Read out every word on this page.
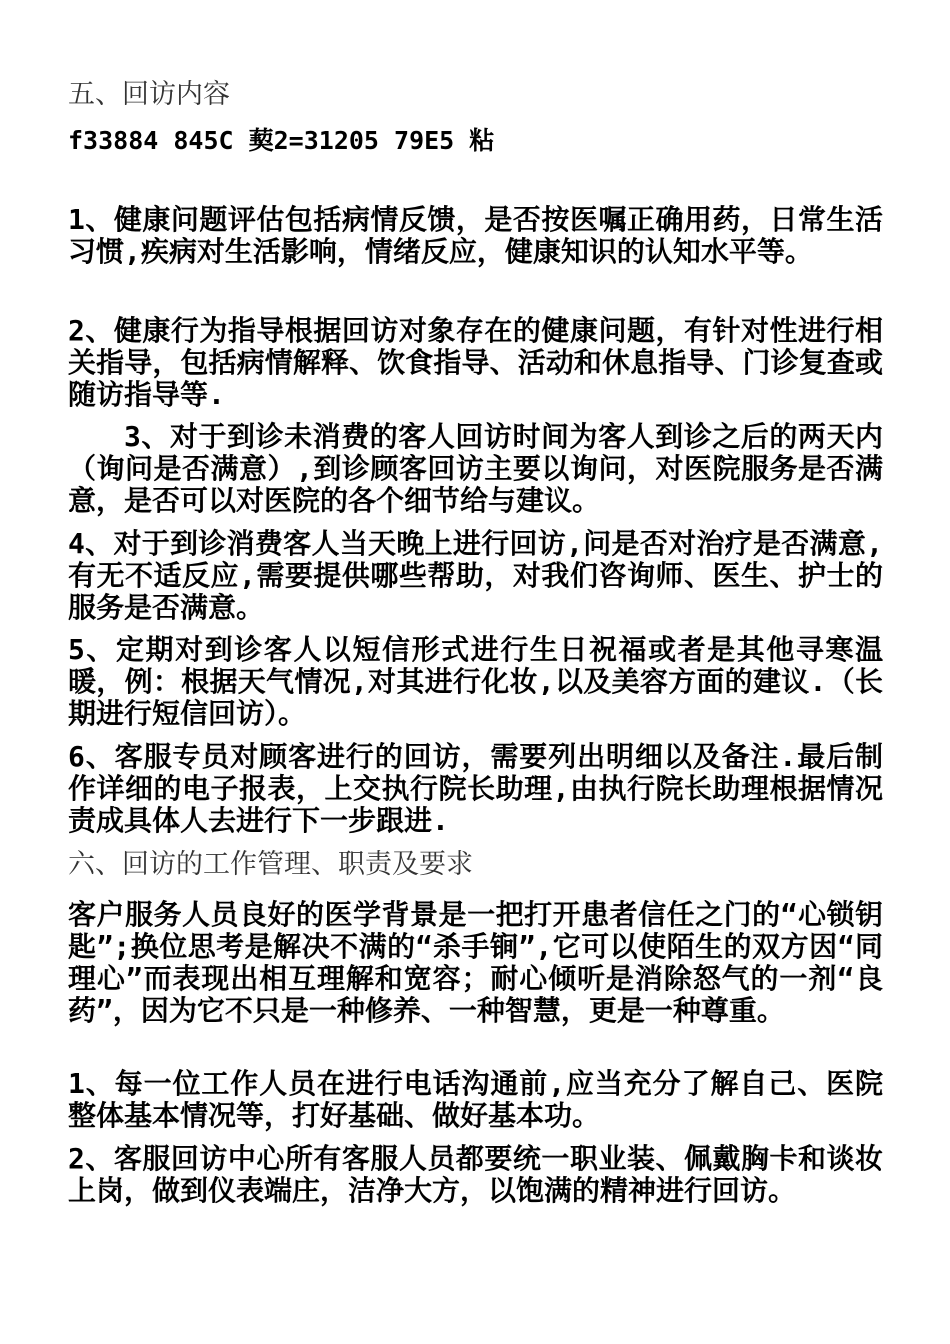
五、回访内容

f33884 845C 葜2=31205 79E5 粘

1、健康问题评估包括病情反馈，是否按医嘱正确用药，日常生活习惯,疾病对生活影响，情绪反应，健康知识的认知水平等。

2、健康行为指导根据回访对象存在的健康问题，有针对性进行相关指导，包括病情解释、饮食指导、活动和休息指导、门诊复查或随访指导等.

3、对于到诊未消费的客人回访时间为客人到诊之后的两天内（询问是否满意）,到诊顾客回访主要以询问，对医院服务是否满意，是否可以对医院的各个细节给与建议。

4、对于到诊消费客人当天晚上进行回访,问是否对治疗是否满意,有无不适反应,需要提供哪些帮助，对我们咨询师、医生、护士的服务是否满意。

5、定期对到诊客人以短信形式进行生日祝福或者是其他寻寒温暖，例：根据天气情况,对其进行化妆,以及美容方面的建议.（长期进行短信回访）。

6、客服专员对顾客进行的回访，需要列出明细以及备注.最后制作详细的电子报表，上交执行院长助理,由执行院长助理根据情况责成具体人去进行下一步跟进.

六、回访的工作管理、职责及要求

客户服务人员良好的医学背景是一把打开患者信任之门的“心锁钥匙”;换位思考是解决不满的“杀手锏”,它可以使陌生的双方因“同理心”而表现出相互理解和宽容；耐心倾听是消除怒气的一剂“良药”，因为它不只是一种修养、一种智慧，更是一种尊重。

1、每一位工作人员在进行电话沟通前,应当充分了解自己、医院整体基本情况等，打好基础、做好基本功。

2、客服回访中心所有客服人员都要统一职业装、佩戴胸卡和谈妆上岗，做到仪表端庄，洁净大方，以饱满的精神进行回访。
